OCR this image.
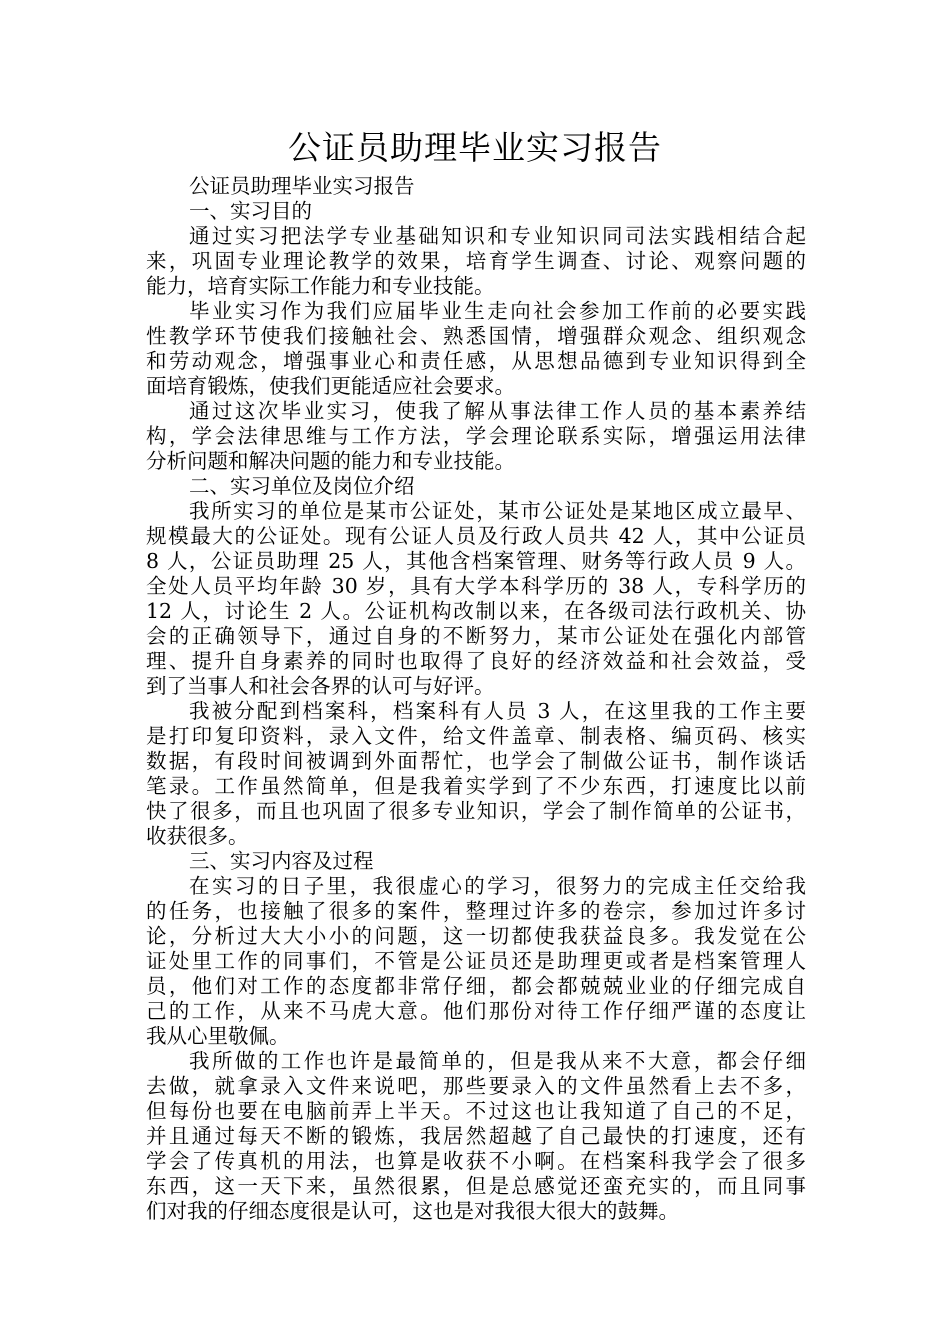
公证员助理毕业实习报告
公证员助理毕业实习报告
一、实习目的
通过实习把法学专业基础知识和专业知识同司法实践相结合起
来，巩固专业理论教学的效果，培育学生调查、讨论、观察问题的
能力，培育实际工作能力和专业技能。
毕业实习作为我们应届毕业生走向社会参加工作前的必要实践
性教学环节使我们接触社会、熟悉国情，增强群众观念、组织观念
和劳动观念，增强事业心和责任感，从思想品德到专业知识得到全
面培育锻炼，使我们更能适应社会要求。
通过这次毕业实习，使我了解从事法律工作人员的基本素养结
构，学会法律思维与工作方法，学会理论联系实际，增强运用法律
分析问题和解决问题的能力和专业技能。
二、实习单位及岗位介绍
我所实习的单位是某市公证处，某市公证处是某地区成立最早、
规模最大的公证处。现有公证人员及行政人员共 42 人，其中公证员
8 人，公证员助理 25 人，其他含档案管理、财务等行政人员 9 人。
全处人员平均年龄 30 岁，具有大学本科学历的 38 人，专科学历的
12 人，讨论生 2 人。公证机构改制以来，在各级司法行政机关、协
会的正确领导下，通过自身的不断努力，某市公证处在强化内部管
理、提升自身素养的同时也取得了良好的经济效益和社会效益，受
到了当事人和社会各界的认可与好评。
我被分配到档案科，档案科有人员 3 人，在这里我的工作主要
是打印复印资料，录入文件，给文件盖章、制表格、编页码、核实
数据，有段时间被调到外面帮忙，也学会了制做公证书，制作谈话
笔录。工作虽然简单，但是我着实学到了不少东西，打速度比以前
快了很多，而且也巩固了很多专业知识，学会了制作简单的公证书，
收获很多。
三、实习内容及过程
在实习的日子里，我很虚心的学习，很努力的完成主任交给我
的任务，也接触了很多的案件，整理过许多的卷宗，参加过许多讨
论，分析过大大小小的问题，这一切都使我获益良多。我发觉在公
证处里工作的同事们，不管是公证员还是助理更或者是档案管理人
员，他们对工作的态度都非常仔细，都会都兢兢业业的仔细完成自
己的工作，从来不马虎大意。他们那份对待工作仔细严谨的态度让
我从心里敬佩。
我所做的工作也许是最简单的，但是我从来不大意，都会仔细
去做，就拿录入文件来说吧，那些要录入的文件虽然看上去不多，
但每份也要在电脑前弄上半天。不过这也让我知道了自己的不足，
并且通过每天不断的锻炼，我居然超越了自己最快的打速度，还有
学会了传真机的用法，也算是收获不小啊。在档案科我学会了很多
东西，这一天下来，虽然很累，但是总感觉还蛮充实的，而且同事
们对我的仔细态度很是认可，这也是对我很大很大的鼓舞。
